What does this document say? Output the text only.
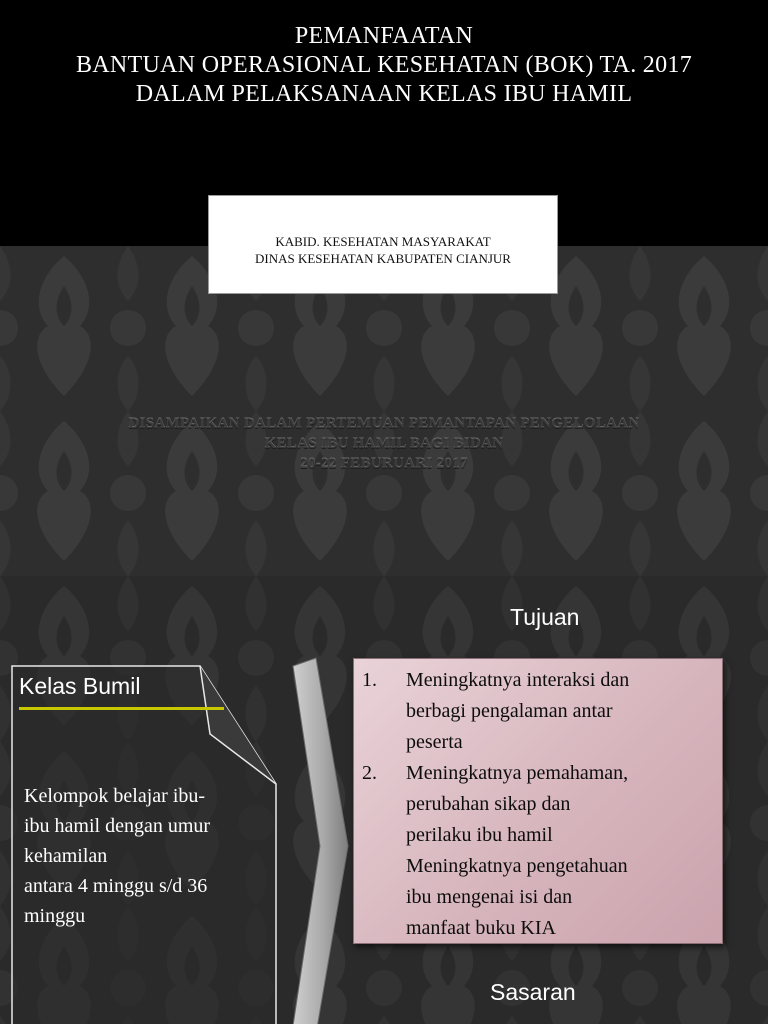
PEMANFAATAN
BANTUAN OPERASIONAL KESEHATAN (BOK) TA. 2017
DALAM PELAKSANAAN KELAS IBU HAMIL
KABID. KESEHATAN MASYARAKAT
DINAS KESEHATAN KABUPATEN CIANJUR
DISAMPAIKAN DALAM PERTEMUAN PEMANTAPAN PENGELOLAAN
KELAS IBU HAMIL BAGI BIDAN
20-22 FEBURUARI 2017
Tujuan
Kelas Bumil
Kelompok belajar ibu-
ibu hamil dengan umur
kehamilan
antara 4 minggu s/d 36
minggu
1. Meningkatnya interaksi dan
berbagi pengalaman antar
peserta
2. Meningkatnya pemahaman,
perubahan sikap dan
perilaku ibu hamil
Meningkatnya pengetahuan
ibu mengenai isi dan
manfaat buku KIA
Sasaran
